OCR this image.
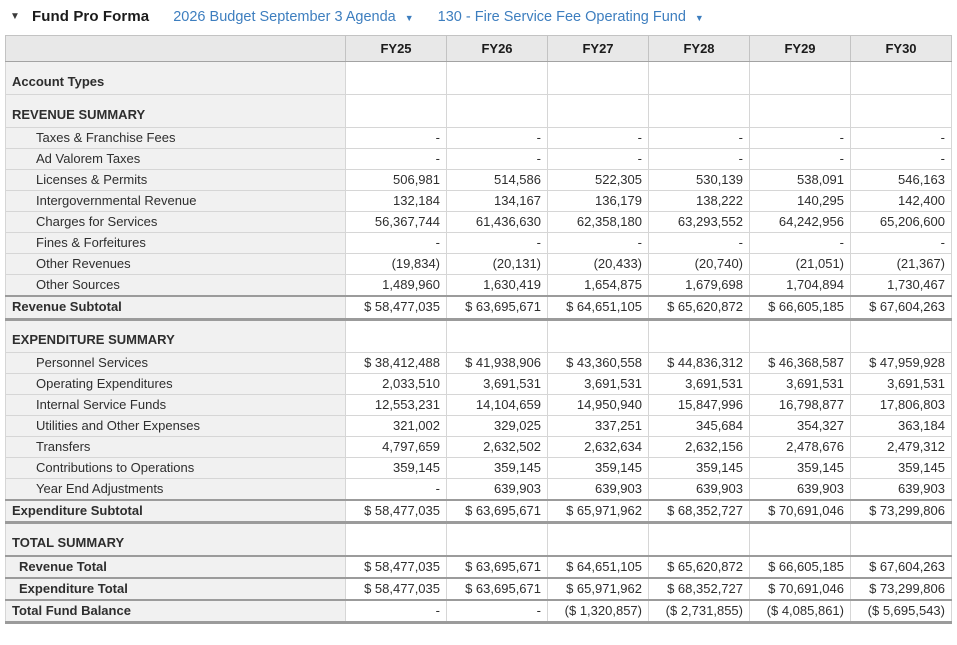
▼ Fund Pro Forma 2026 Budget September 3 Agenda ▼ 130 - Fire Service Fee Operating Fund ▼
	FY25	FY26	FY27	FY28	FY29	FY30
Account Types						
REVENUE SUMMARY						
Taxes & Franchise Fees	-	-	-	-	-	-
Ad Valorem Taxes	-	-	-	-	-	-
Licenses & Permits	506,981	514,586	522,305	530,139	538,091	546,163
Intergovernmental Revenue	132,184	134,167	136,179	138,222	140,295	142,400
Charges for Services	56,367,744	61,436,630	62,358,180	63,293,552	64,242,956	65,206,600
Fines & Forfeitures	-	-	-	-	-	-
Other Revenues	(19,834)	(20,131)	(20,433)	(20,740)	(21,051)	(21,367)
Other Sources	1,489,960	1,630,419	1,654,875	1,679,698	1,704,894	1,730,467
Revenue Subtotal	$ 58,477,035	$ 63,695,671	$ 64,651,105	$ 65,620,872	$ 66,605,185	$ 67,604,263
EXPENDITURE SUMMARY						
Personnel Services	$ 38,412,488	$ 41,938,906	$ 43,360,558	$ 44,836,312	$ 46,368,587	$ 47,959,928
Operating Expenditures	2,033,510	3,691,531	3,691,531	3,691,531	3,691,531	3,691,531
Internal Service Funds	12,553,231	14,104,659	14,950,940	15,847,996	16,798,877	17,806,803
Utilities and Other Expenses	321,002	329,025	337,251	345,684	354,327	363,184
Transfers	4,797,659	2,632,502	2,632,634	2,632,156	2,478,676	2,479,312
Contributions to Operations	359,145	359,145	359,145	359,145	359,145	359,145
Year End Adjustments	-	639,903	639,903	639,903	639,903	639,903
Expenditure Subtotal	$ 58,477,035	$ 63,695,671	$ 65,971,962	$ 68,352,727	$ 70,691,046	$ 73,299,806
TOTAL SUMMARY						
Revenue Total	$ 58,477,035	$ 63,695,671	$ 64,651,105	$ 65,620,872	$ 66,605,185	$ 67,604,263
Expenditure Total	$ 58,477,035	$ 63,695,671	$ 65,971,962	$ 68,352,727	$ 70,691,046	$ 73,299,806
Total Fund Balance	-	-	($ 1,320,857)	($ 2,731,855)	($ 4,085,861)	($ 5,695,543)
